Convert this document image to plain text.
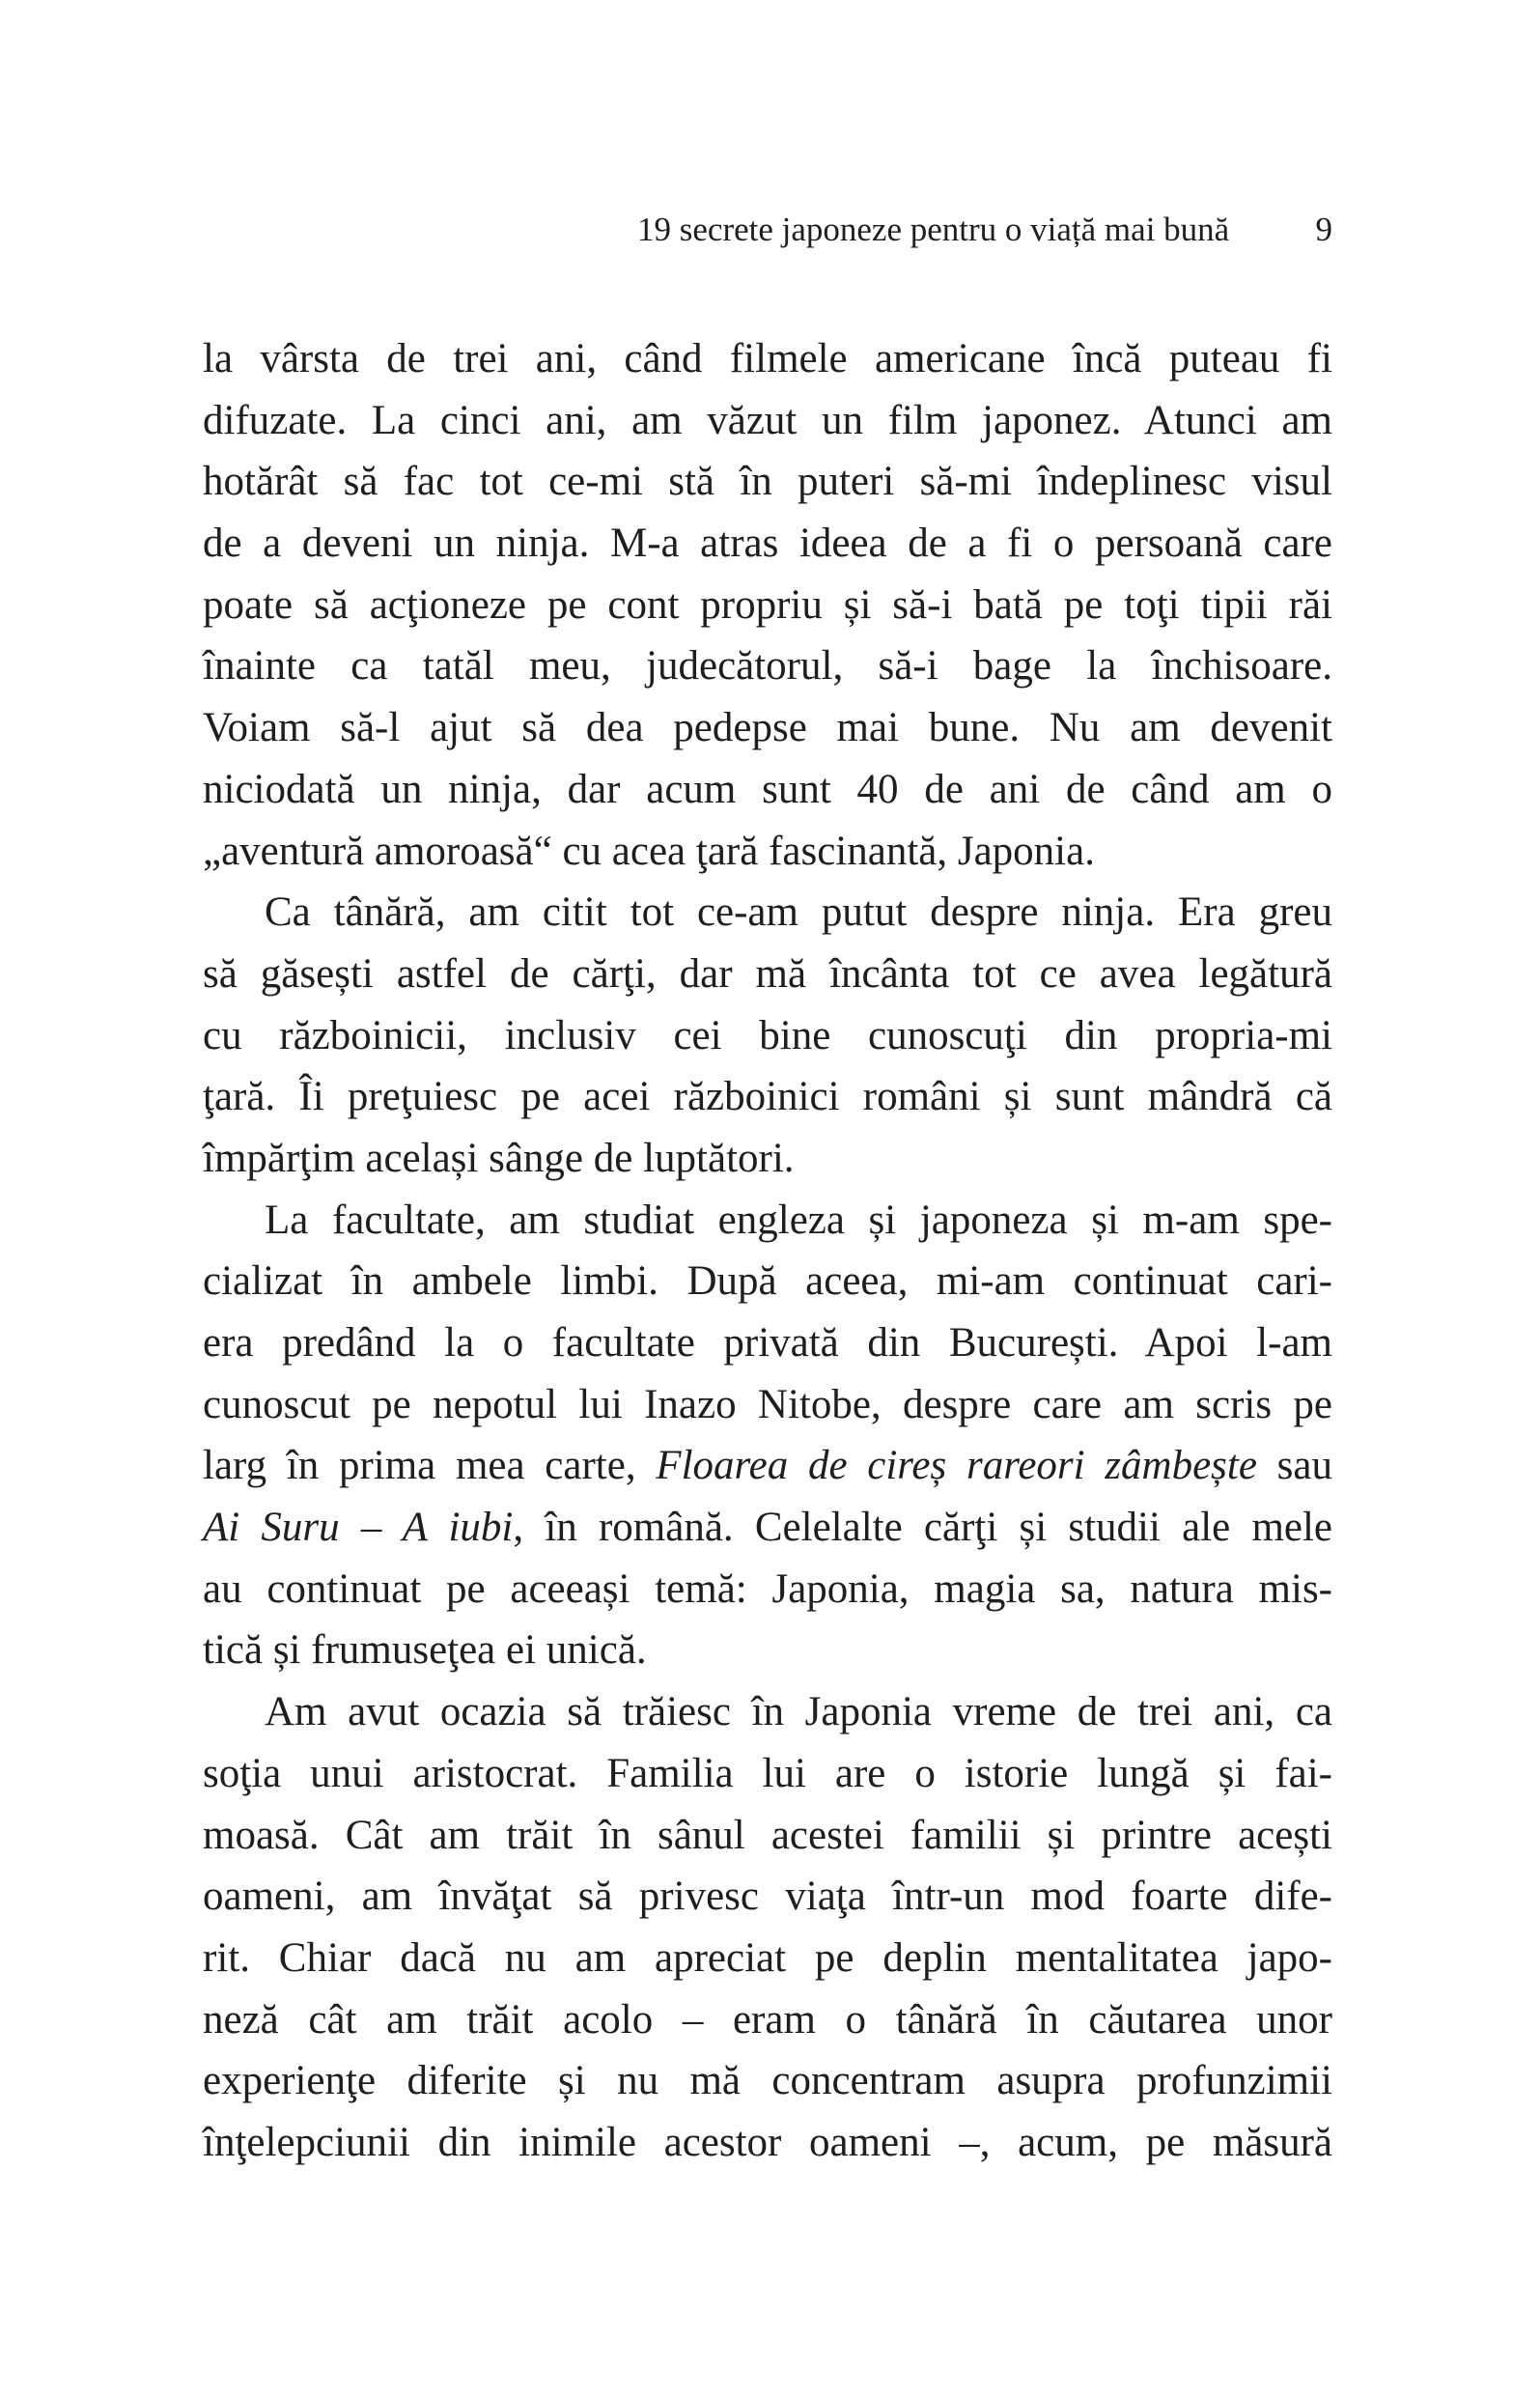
19 secrete japoneze pentru o viață mai bună	9
la vârsta de trei ani, când filmele americane încă puteau fi
difuzate. La cinci ani, am văzut un film japonez. Atunci am
hotărât să fac tot ce-mi stă în puteri să-mi îndeplinesc visul
de a deveni un ninja. M-a atras ideea de a fi o persoană care
poate să acţioneze pe cont propriu și să-i bată pe toţi tipii răi
înainte ca tatăl meu, judecătorul, să-i bage la închisoare.
Voiam să-l ajut să dea pedepse mai bune. Nu am devenit
niciodată un ninja, dar acum sunt 40 de ani de când am o
„aventură amoroasă“ cu acea ţară fascinantă, Japonia.
Ca tânără, am citit tot ce-am putut despre ninja. Era greu
să găsești astfel de cărţi, dar mă încânta tot ce avea legătură
cu războinicii, inclusiv cei bine cunoscuţi din propria-mi
ţară. Îi preţuiesc pe acei războinici români și sunt mândră că
împărţim același sânge de luptători.
La facultate, am studiat engleza și japoneza și m-am spe-
cializat în ambele limbi. După aceea, mi-am continuat cari-
era predând la o facultate privată din București. Apoi l-am
cunoscut pe nepotul lui Inazo Nitobe, despre care am scris pe
larg în prima mea carte, Floarea de cireș rareori zâmbește sau
Ai Suru – A iubi, în română. Celelalte cărţi și studii ale mele
au continuat pe aceeași temă: Japonia, magia sa, natura mis-
tică și frumuseţea ei unică.
Am avut ocazia să trăiesc în Japonia vreme de trei ani, ca
soţia unui aristocrat. Familia lui are o istorie lungă și fai-
moasă. Cât am trăit în sânul acestei familii și printre acești
oameni, am învăţat să privesc viaţa într-un mod foarte dife-
rit. Chiar dacă nu am apreciat pe deplin mentalitatea japo-
neză cât am trăit acolo – eram o tânără în căutarea unor
experienţe diferite și nu mă concentram asupra profunzimii
înţelepciunii din inimile acestor oameni –, acum, pe măsură
